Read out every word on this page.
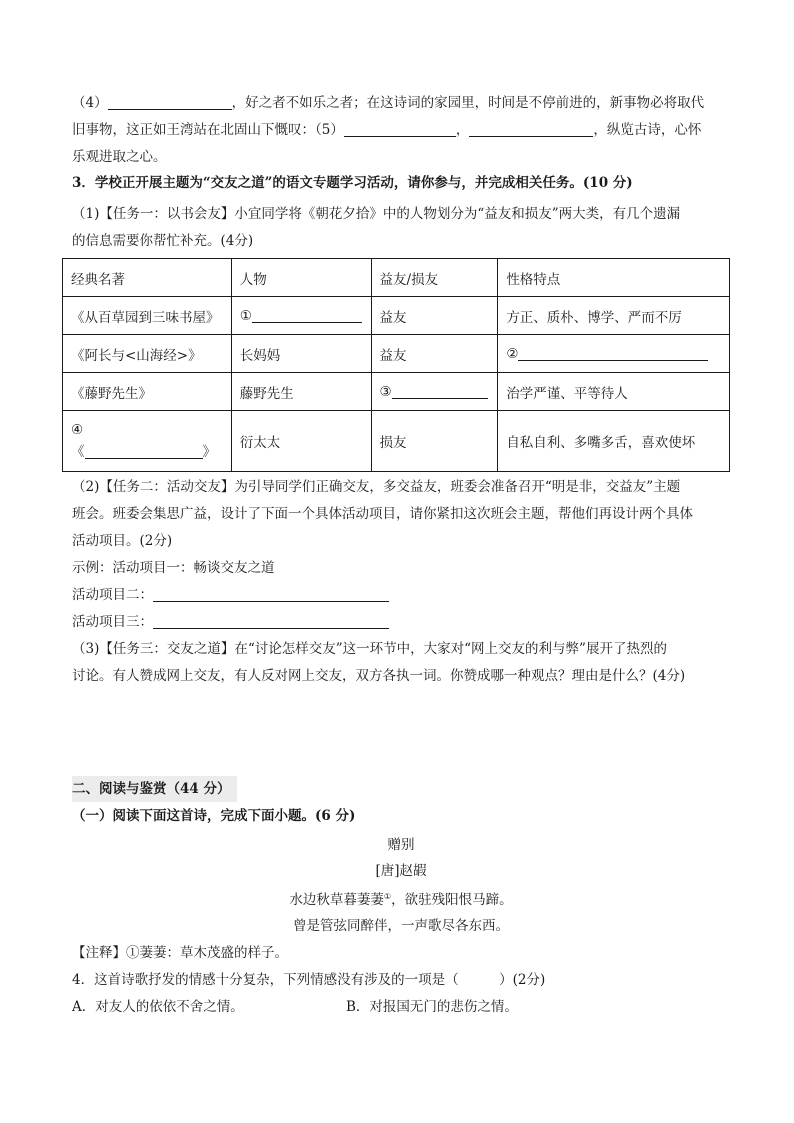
（4）	，好之者不如乐之者；在这诗词的家园里，时间是不停前进的，新事物必将取代
旧事物，这正如王湾站在北固山下慨叹：（5）	，	，纵览古诗，心怀
乐观进取之心。
3．学校正开展主题为“交友之道”的语文专题学习活动，请你参与，并完成相关任务。(10 分)
（1)【任务一：以书会友】小宜同学将《朝花夕拾》中的人物划分为“益友和损友”两大类，有几个遗漏
的信息需要你帮忙补充。(4分)
经典名著	人物	益友/损友	性格特点
《从百草园到三味书屋》	①	益友	方正、质朴、博学、严而不厉
《阿长与<山海经>》	长妈妈	益友	②
《藤野先生》	藤野先生	③	治学严谨、平等待人

④
《 》	衍太太	损友	自私自利、多嘴多舌，喜欢使坏
（2)【任务二：活动交友】为引导同学们正确交友，多交益友，班委会准备召开“明是非，交益友”主题
班会。班委会集思广益，设计了下面一个具体活动项目，请你紧扣这次班会主题，帮他们再设计两个具体
活动项目。(2分)
示例：活动项目一：畅谈交友之道
活动项目二：
活动项目三：
（3)【任务三：交友之道】在“讨论怎样交友”这一环节中，大家对“网上交友的利与弊”展开了热烈的
讨论。有人赞成网上交友，有人反对网上交友，双方各执一词。你赞成哪一种观点？理由是什么？(4分)
二、阅读与鉴赏（44 分）
（一）阅读下面这首诗，完成下面小题。(6 分)
赠别
[唐]赵嘏
水边秋草暮萋萋①，欲驻残阳恨马蹄。
曾是管弦同醉伴，一声歌尽各东西。
【注释】①萋萋：草木茂盛的样子。
4．这首诗歌抒发的情感十分复杂，下列情感没有涉及的一项是（　　　）(2分)
A．对友人的依依不舍之情。	B．对报国无门的悲伤之情。
